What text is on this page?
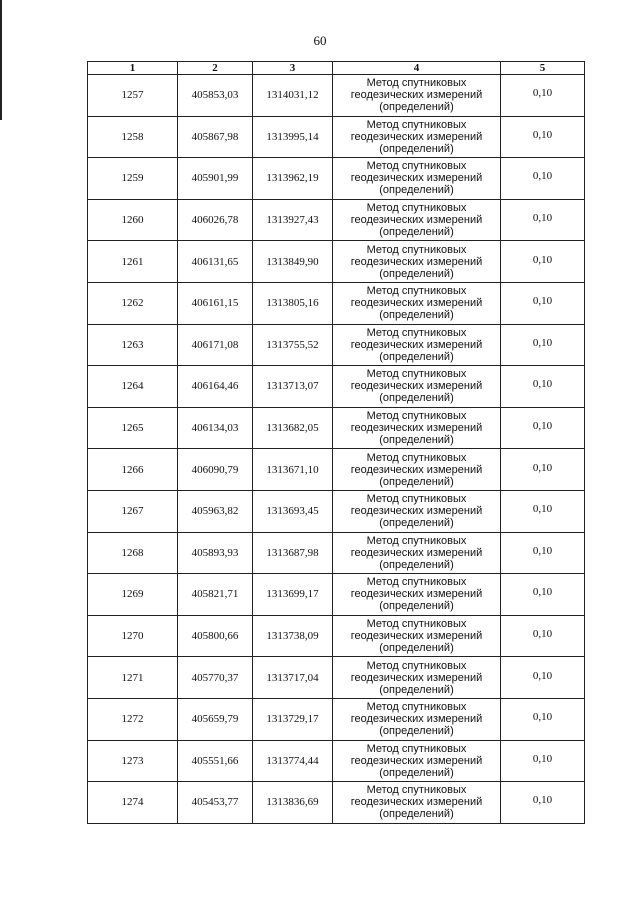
60
1	2	3	4	5
1257	405853,03	1314031,12	Метод спутниковых
геодезических измерений
(определений)	0,10
1258	405867,98	1313995,14	Метод спутниковых
геодезических измерений
(определений)	0,10
1259	405901,99	1313962,19	Метод спутниковых
геодезических измерений
(определений)	0,10
1260	406026,78	1313927,43	Метод спутниковых
геодезических измерений
(определений)	0,10
1261	406131,65	1313849,90	Метод спутниковых
геодезических измерений
(определений)	0,10
1262	406161,15	1313805,16	Метод спутниковых
геодезических измерений
(определений)	0,10
1263	406171,08	1313755,52	Метод спутниковых
геодезических измерений
(определений)	0,10
1264	406164,46	1313713,07	Метод спутниковых
геодезических измерений
(определений)	0,10
1265	406134,03	1313682,05	Метод спутниковых
геодезических измерений
(определений)	0,10
1266	406090,79	1313671,10	Метод спутниковых
геодезических измерений
(определений)	0,10
1267	405963,82	1313693,45	Метод спутниковых
геодезических измерений
(определений)	0,10
1268	405893,93	1313687,98	Метод спутниковых
геодезических измерений
(определений)	0,10
1269	405821,71	1313699,17	Метод спутниковых
геодезических измерений
(определений)	0,10
1270	405800,66	1313738,09	Метод спутниковых
геодезических измерений
(определений)	0,10
1271	405770,37	1313717,04	Метод спутниковых
геодезических измерений
(определений)	0,10
1272	405659,79	1313729,17	Метод спутниковых
геодезических измерений
(определений)	0,10
1273	405551,66	1313774,44	Метод спутниковых
геодезических измерений
(определений)	0,10
1274	405453,77	1313836,69	Метод спутниковых
геодезических измерений
(определений)	0,10
